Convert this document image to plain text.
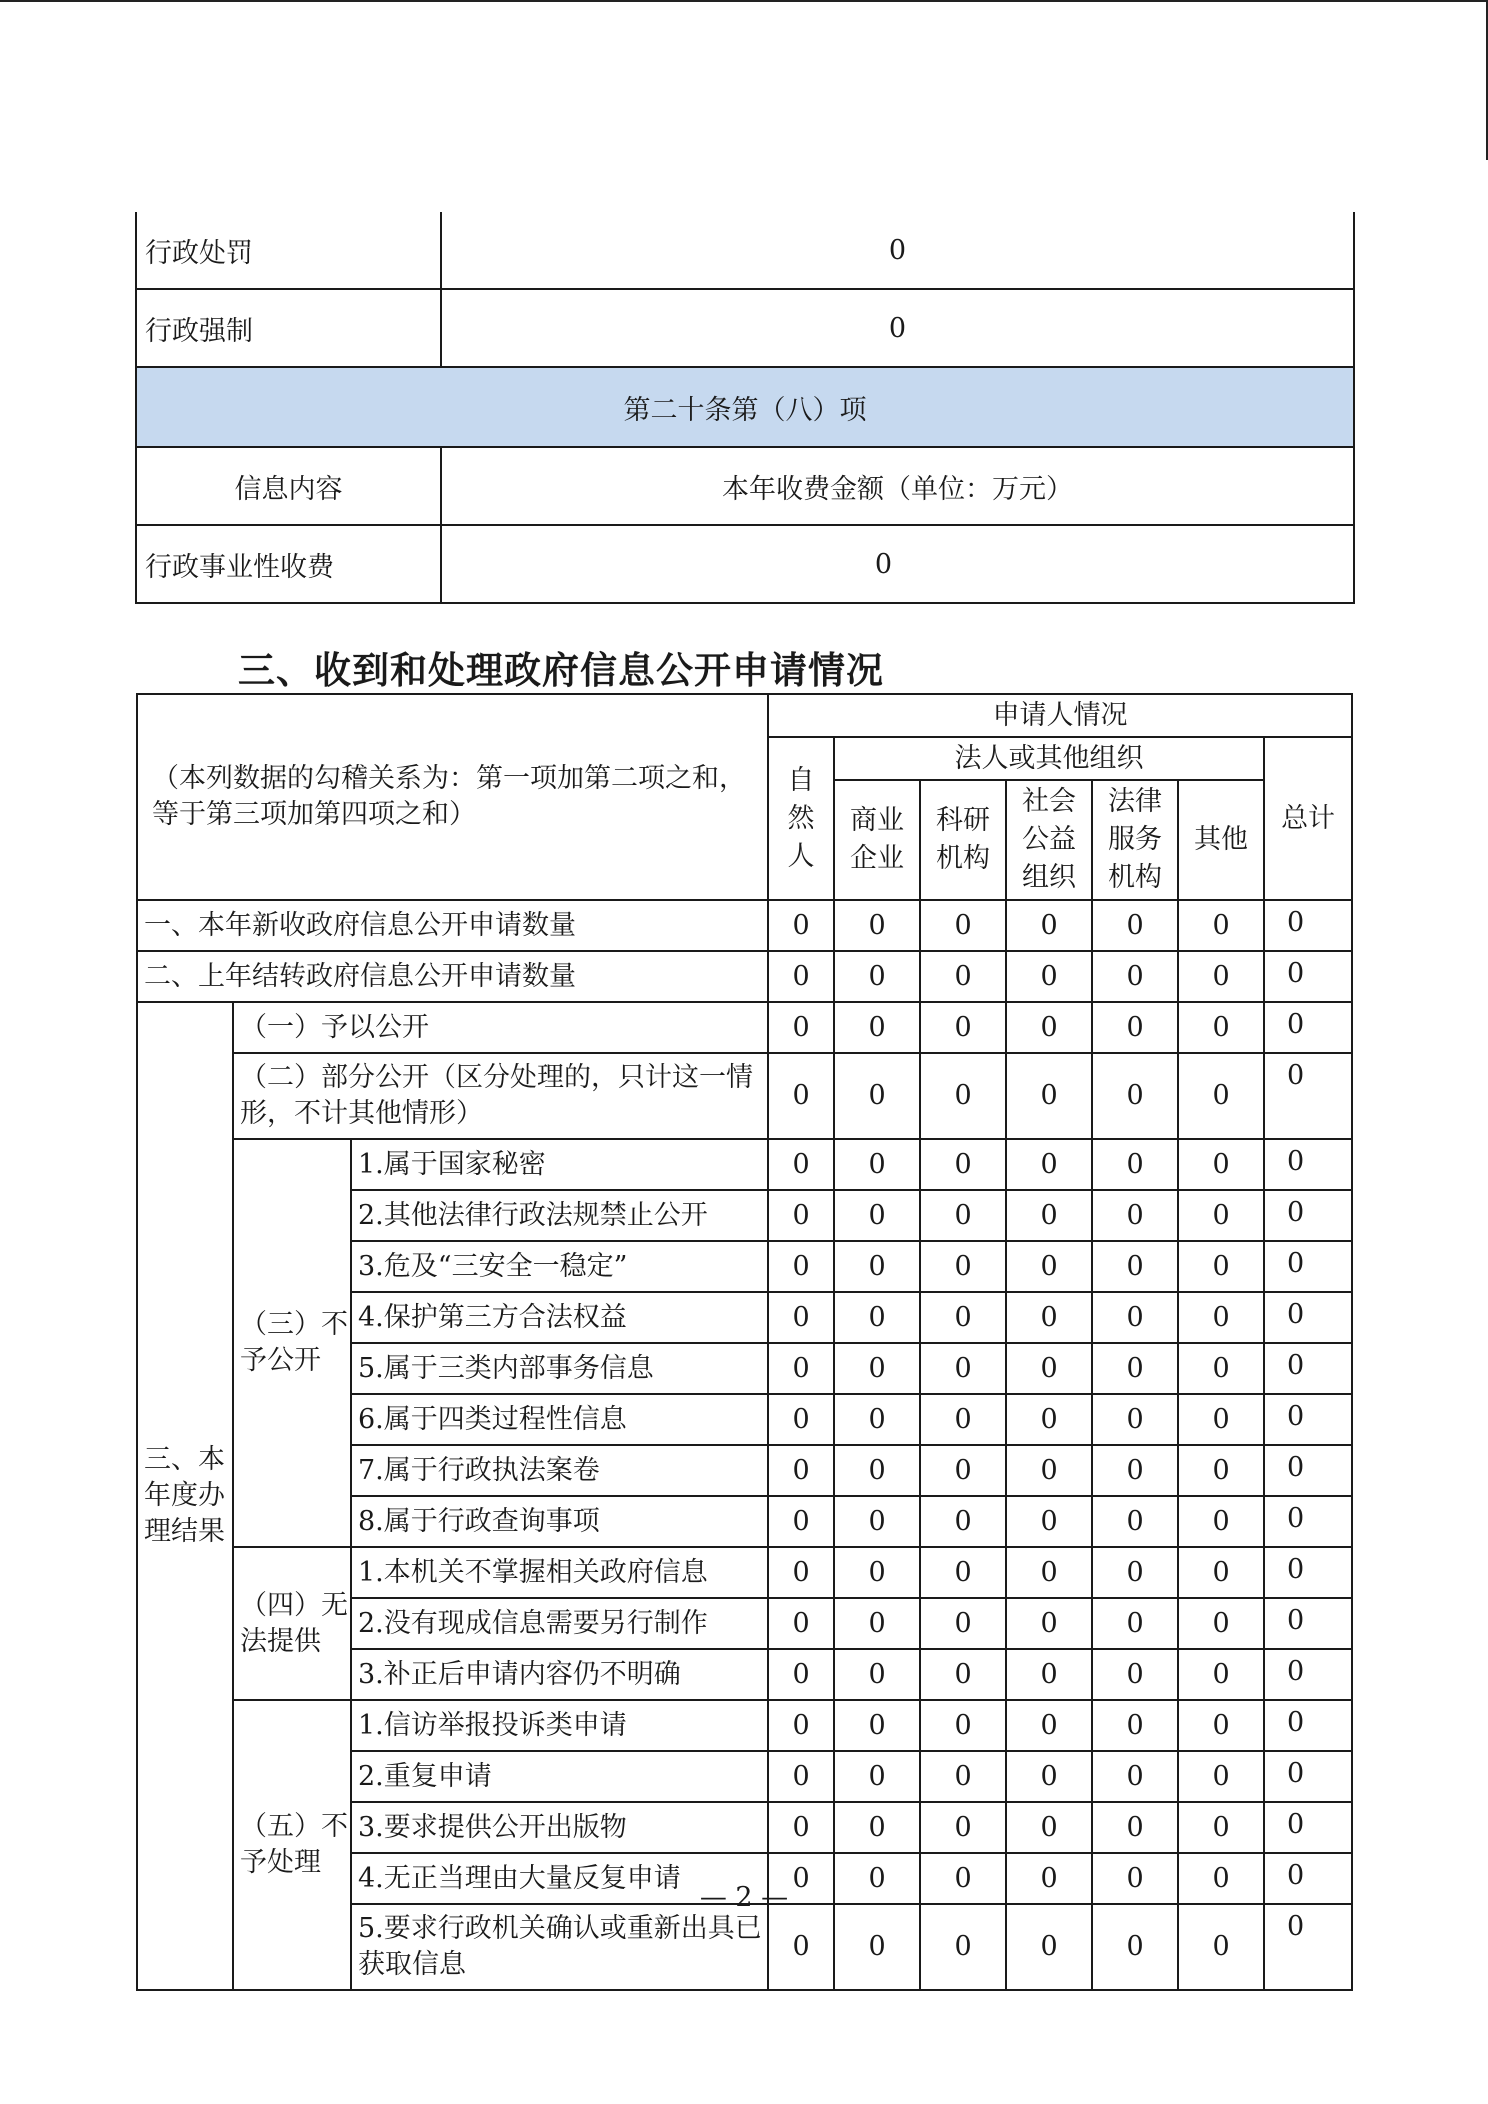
行政处罚	0
行政强制	0
第二十条第（八）项	
信息内容	本年收费金额（单位：万元）
行政事业性收费	0
三、收到和处理政府信息公开申请情况
（本列数据的勾稽关系为：第一项加第二项之和，等于第三项加第四项之和）			申请人情况						
			自然人	法人或其他组织					总计
				商业企业	科研机构	社会公益组织	法律服务机构	其他	
一、本年新收政府信息公开申请数量			0	0	0	0	0	0	0
二、上年结转政府信息公开申请数量			0	0	0	0	0	0	0
三、本年度办理结果	（一）予以公开		0	0	0	0	0	0	0
	（二）部分公开（区分处理的，只计这一情形，不计其他情形）		0	0	0	0	0	0	0
	（三）不予公开	1.属于国家秘密	0	0	0	0	0	0	0
		2.其他法律行政法规禁止公开	0	0	0	0	0	0	0
		3.危及“三安全一稳定”	0	0	0	0	0	0	0
		4.保护第三方合法权益	0	0	0	0	0	0	0
		5.属于三类内部事务信息	0	0	0	0	0	0	0
		6.属于四类过程性信息	0	0	0	0	0	0	0
		7.属于行政执法案卷	0	0	0	0	0	0	0
		8.属于行政查询事项	0	0	0	0	0	0	0
	（四）无法提供	1.本机关不掌握相关政府信息	0	0	0	0	0	0	0
		2.没有现成信息需要另行制作	0	0	0	0	0	0	0
		3.补正后申请内容仍不明确	0	0	0	0	0	0	0
	（五）不予处理	1.信访举报投诉类申请	0	0	0	0	0	0	0
		2.重复申请	0	0	0	0	0	0	0
		3.要求提供公开出版物	0	0	0	0	0	0	0
		4.无正当理由大量反复申请	0	0	0	0	0	0	0
		5.要求行政机关确认或重新出具已获取信息	0	0	0	0	0	0	0
— 2 —
